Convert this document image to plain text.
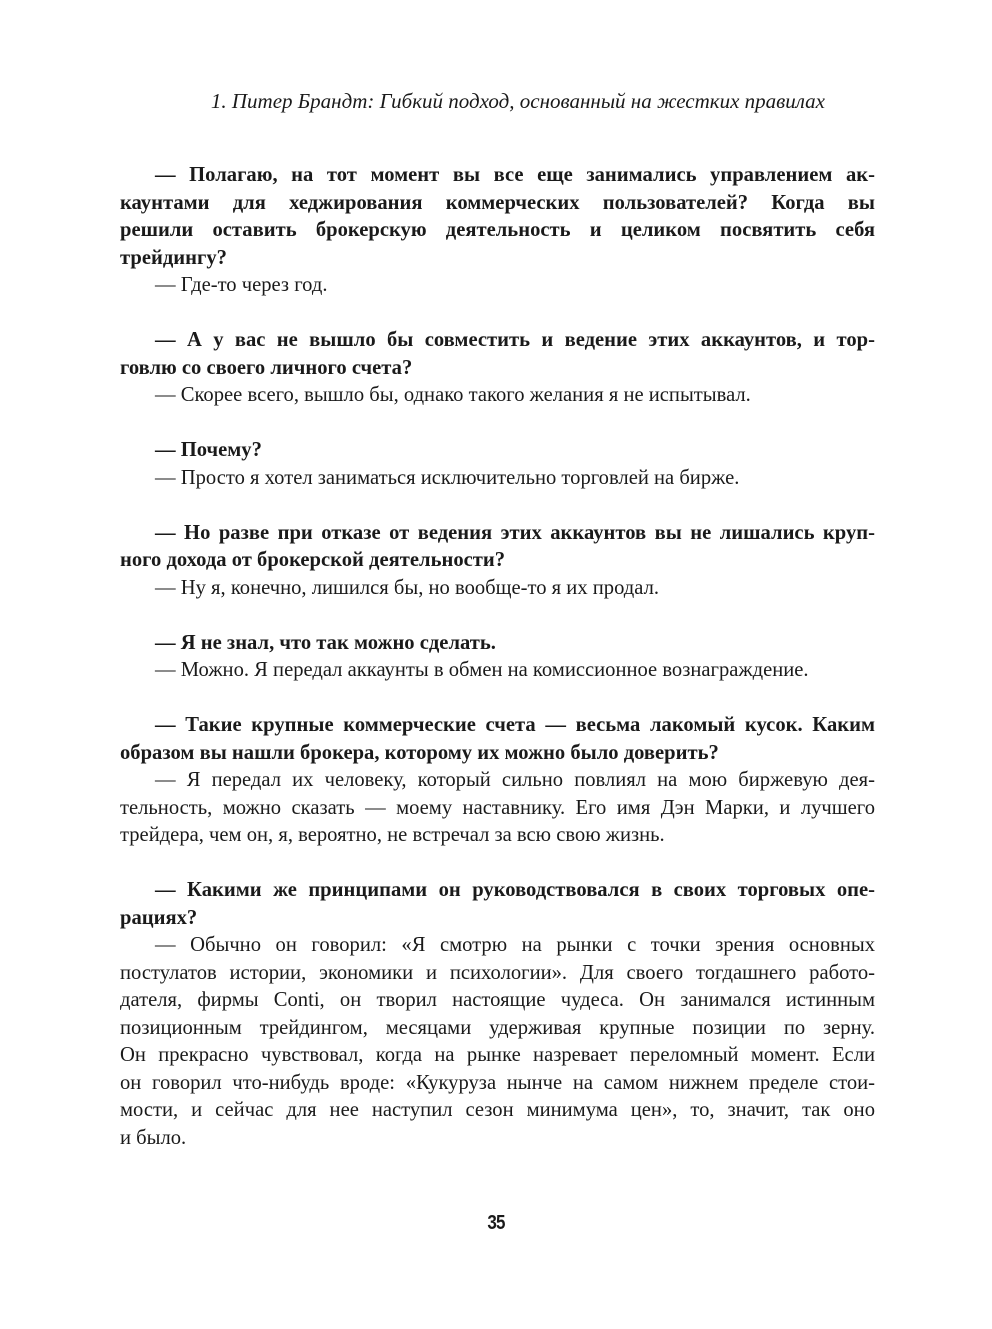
1. Питер Брандт: Гибкий подход, основанный на жестких правилах
— Полагаю, на тот момент вы все еще занимались управлением ак-
каунтами для хеджирования коммерческих пользователей? Когда вы
решили оставить брокерскую деятельность и целиком посвятить себя
трейдингу?
— Где-то через год.
— А у вас не вышло бы совместить и ведение этих аккаунтов, и тор-
говлю со своего личного счета?
— Скорее всего, вышло бы, однако такого желания я не испытывал.
— Почему?
— Просто я хотел заниматься исключительно торговлей на бирже.
— Но разве при отказе от ведения этих аккаунтов вы не лишались круп-
ного дохода от брокерской деятельности?
— Ну я, конечно, лишился бы, но вообще-то я их продал.
— Я не знал, что так можно сделать.
— Можно. Я передал аккаунты в обмен на комиссионное вознаграждение.
— Такие крупные коммерческие счета — весьма лакомый кусок. Каким
образом вы нашли брокера, которому их можно было доверить?
— Я передал их человеку, который сильно повлиял на мою биржевую дея-
тельность, можно сказать — моему наставнику. Его имя Дэн Марки, и лучшего
трейдера, чем он, я, вероятно, не встречал за всю свою жизнь.
— Какими же принципами он руководствовался в своих торговых опе-
рациях?
— Обычно он говорил: «Я смотрю на рынки с точки зрения основных
постулатов истории, экономики и психологии». Для своего тогдашнего работо-
дателя, фирмы Conti, он творил настоящие чудеса. Он занимался истинным
позиционным трейдингом, месяцами удерживая крупные позиции по зерну.
Он прекрасно чувствовал, когда на рынке назревает переломный момент. Если
он говорил что-нибудь вроде: «Кукуруза нынче на самом нижнем пределе стои-
мости, и сейчас для нее наступил сезон минимума цен», то, значит, так оно
и было.
35
